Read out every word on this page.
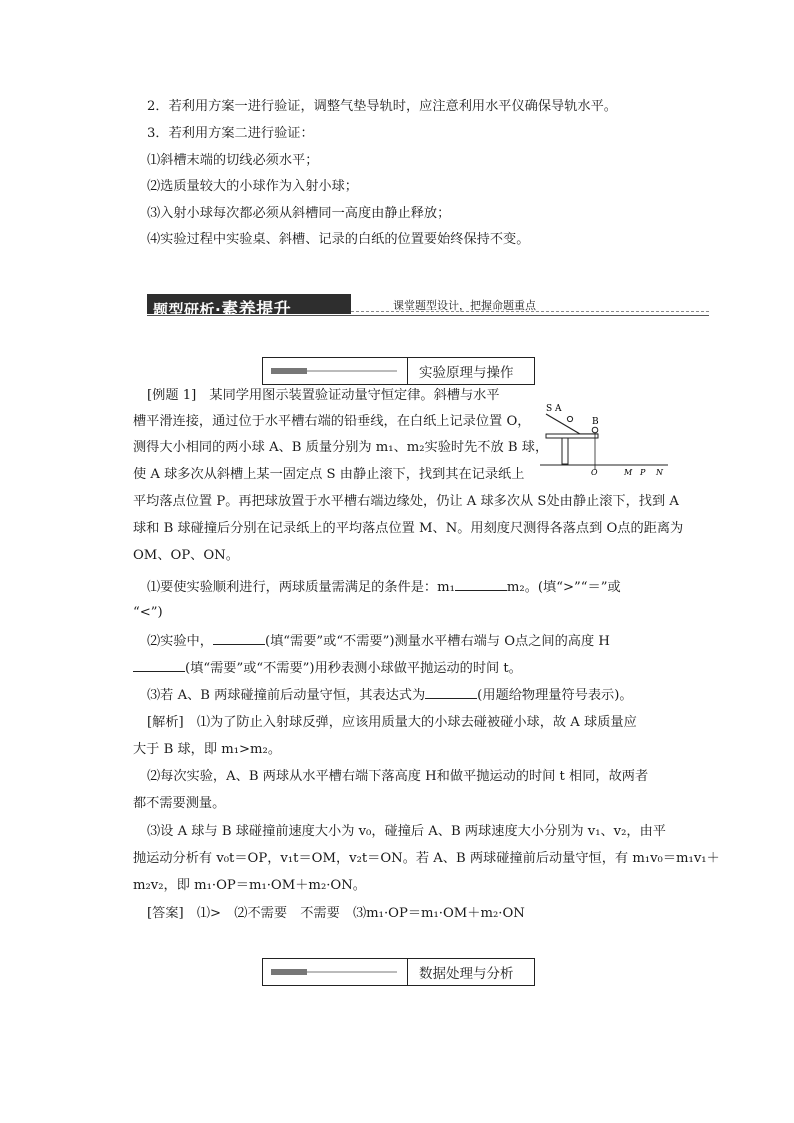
2．若利用方案一进行验证，调整气垫导轨时，应注意利用水平仪确保导轨水平。
3．若利用方案二进行验证：
⑴斜槽末端的切线必须水平；
⑵选质量较大的小球作为入射小球；
⑶入射小球每次都必须从斜槽同一高度由静止释放；
⑷实验过程中实验桌、斜槽、记录的白纸的位置要始终保持不变。
题型研析·素养提升	课堂题型设计，把握命题重点
实验原理与操作
[例题 1]　某同学用图示装置验证动量守恒定律。斜槽与水平
槽平滑连接，通过位于水平槽右端的铅垂线，在白纸上记录位置 O，
测得大小相同的两小球 A、B 质量分别为 m₁、m₂实验时先不放 B 球，
使 A 球多次从斜槽上某一固定点 S 由静止滚下，找到其在记录纸上
平均落点位置 P。再把球放置于水平槽右端边缘处，仍让 A 球多次从 S处由静止滚下，找到 A
球和 B 球碰撞后分别在记录纸上的平均落点位置 M、N。用刻度尺测得各落点到 O点的距离为
OM、OP、ON。
S A
B
O	M P N
⑴要使实验顺利进行，两球质量需满足的条件是：m₁	m₂。(填“>”“＝”或
“<”)
⑵实验中，	(填“需要”或“不需要”)测量水平槽右端与 O点之间的高度 H
(填“需要”或“不需要”)用秒表测小球做平抛运动的时间 t。
⑶若 A、B 两球碰撞前后动量守恒，其表达式为	(用题给物理量符号表示)。
[解析]　⑴为了防止入射球反弹，应该用质量大的小球去碰被碰小球，故 A 球质量应
大于 B 球，即 m₁>m₂。
⑵每次实验，A、B 两球从水平槽右端下落高度 H和做平抛运动的时间 t 相同，故两者
都不需要测量。
⑶设 A 球与 B 球碰撞前速度大小为 v₀，碰撞后 A、B 两球速度大小分别为 v₁、v₂，由平
抛运动分析有 v₀t＝OP，v₁t＝OM，v₂t＝ON。若 A、B 两球碰撞前后动量守恒，有 m₁v₀＝m₁v₁＋
m₂v₂，即 m₁·OP＝m₁·OM＋m₂·ON。
[答案]　⑴>　⑵不需要　不需要　⑶m₁·OP＝m₁·OM＋m₂·ON
数据处理与分析
